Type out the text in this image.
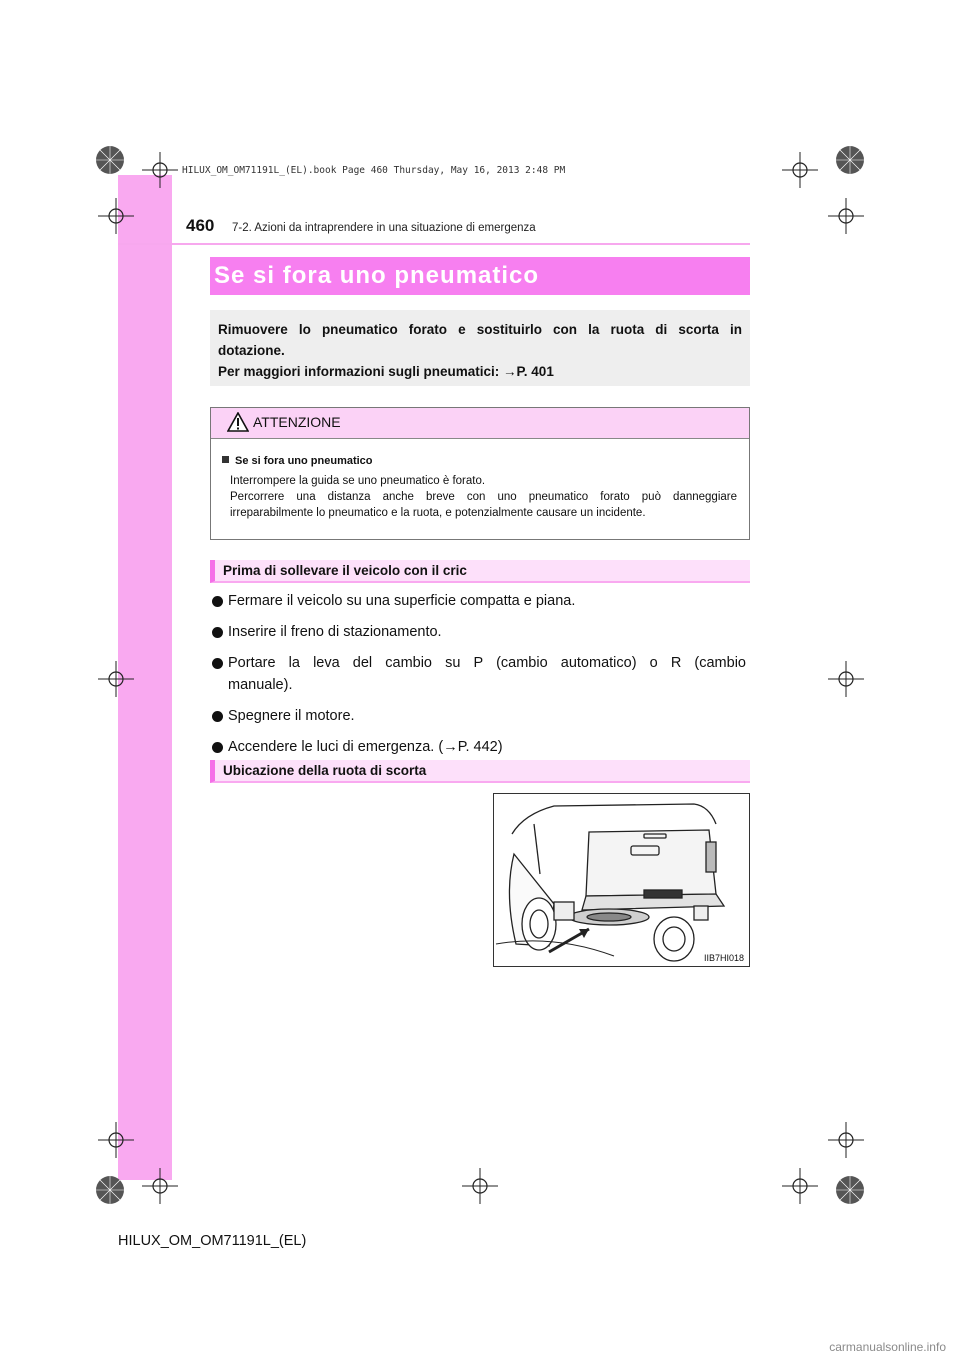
HILUX_OM_OM71191L_(EL).book Page 460 Thursday, May 16, 2013 2:48 PM
460 7-2. Azioni da intraprendere in una situazione di emergenza
Se si fora uno pneumatico
Rimuovere lo pneumatico forato e sostituirlo con la ruota di scorta in
dotazione.
Per maggiori informazioni sugli pneumatici: →P. 401
ATTENZIONE
Se si fora uno pneumatico
Interrompere la guida se uno pneumatico è forato.
Percorrere una distanza anche breve con uno pneumatico forato può danneggiare
irreparabilmente lo pneumatico e la ruota, e potenzialmente causare un incidente.
Prima di sollevare il veicolo con il cric
Fermare il veicolo su una superficie compatta e piana.
Inserire il freno di stazionamento.
Portare la leva del cambio su P (cambio automatico) o R (cambio
manuale).
Spegnere il motore.
Accendere le luci di emergenza. (→P. 442)
Ubicazione della ruota di scorta
IIB7HI018
HILUX_OM_OM71191L_(EL)
carmanualsonline.info
